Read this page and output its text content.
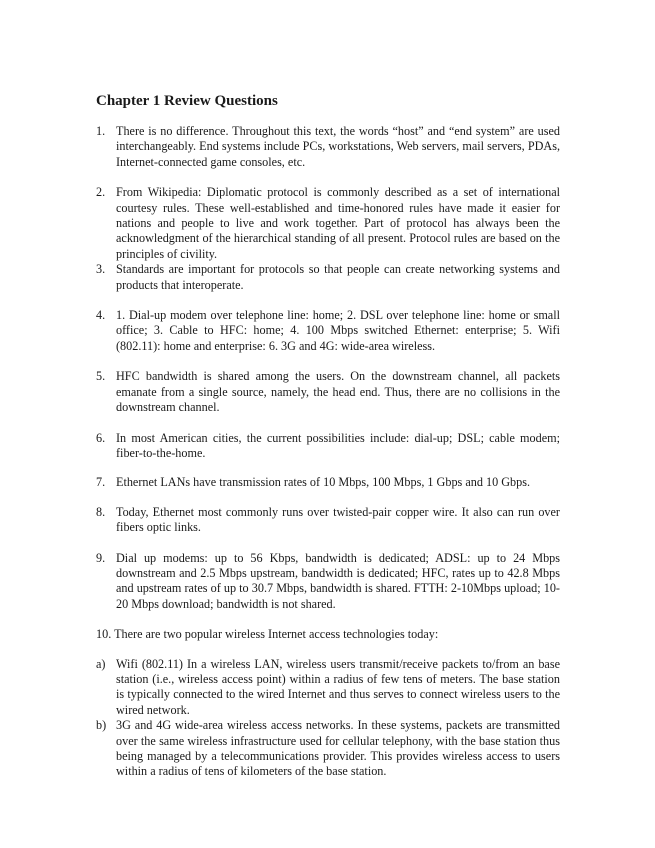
Chapter 1 Review Questions
1. There is no difference. Throughout this text, the words “host” and “end system” are used interchangeably. End systems include PCs, workstations, Web servers, mail servers, PDAs, Internet-connected game consoles, etc.
2. From Wikipedia: Diplomatic protocol is commonly described as a set of international courtesy rules. These well-established and time-honored rules have made it easier for nations and people to live and work together. Part of protocol has always been the acknowledgment of the hierarchical standing of all present. Protocol rules are based on the principles of civility.
3. Standards are important for protocols so that people can create networking systems and products that interoperate.
4. 1. Dial-up modem over telephone line: home; 2. DSL over telephone line: home or small office; 3. Cable to HFC: home; 4. 100 Mbps switched Ethernet: enterprise; 5. Wifi (802.11): home and enterprise: 6. 3G and 4G: wide-area wireless.
5. HFC bandwidth is shared among the users. On the downstream channel, all packets emanate from a single source, namely, the head end. Thus, there are no collisions in the downstream channel.
6. In most American cities, the current possibilities include: dial-up; DSL; cable modem; fiber-to-the-home.
7. Ethernet LANs have transmission rates of 10 Mbps, 100 Mbps, 1 Gbps and 10 Gbps.
8. Today, Ethernet most commonly runs over twisted-pair copper wire. It also can run over fibers optic links.
9. Dial up modems: up to 56 Kbps, bandwidth is dedicated; ADSL: up to 24 Mbps downstream and 2.5 Mbps upstream, bandwidth is dedicated; HFC, rates up to 42.8 Mbps and upstream rates of up to 30.7 Mbps, bandwidth is shared. FTTH: 2-10Mbps upload; 10-20 Mbps download; bandwidth is not shared.
10. There are two popular wireless Internet access technologies today:
a) Wifi (802.11) In a wireless LAN, wireless users transmit/receive packets to/from an base station (i.e., wireless access point) within a radius of few tens of meters. The base station is typically connected to the wired Internet and thus serves to connect wireless users to the wired network.
b) 3G and 4G wide-area wireless access networks. In these systems, packets are transmitted over the same wireless infrastructure used for cellular telephony, with the base station thus being managed by a telecommunications provider. This provides wireless access to users within a radius of tens of kilometers of the base station.
